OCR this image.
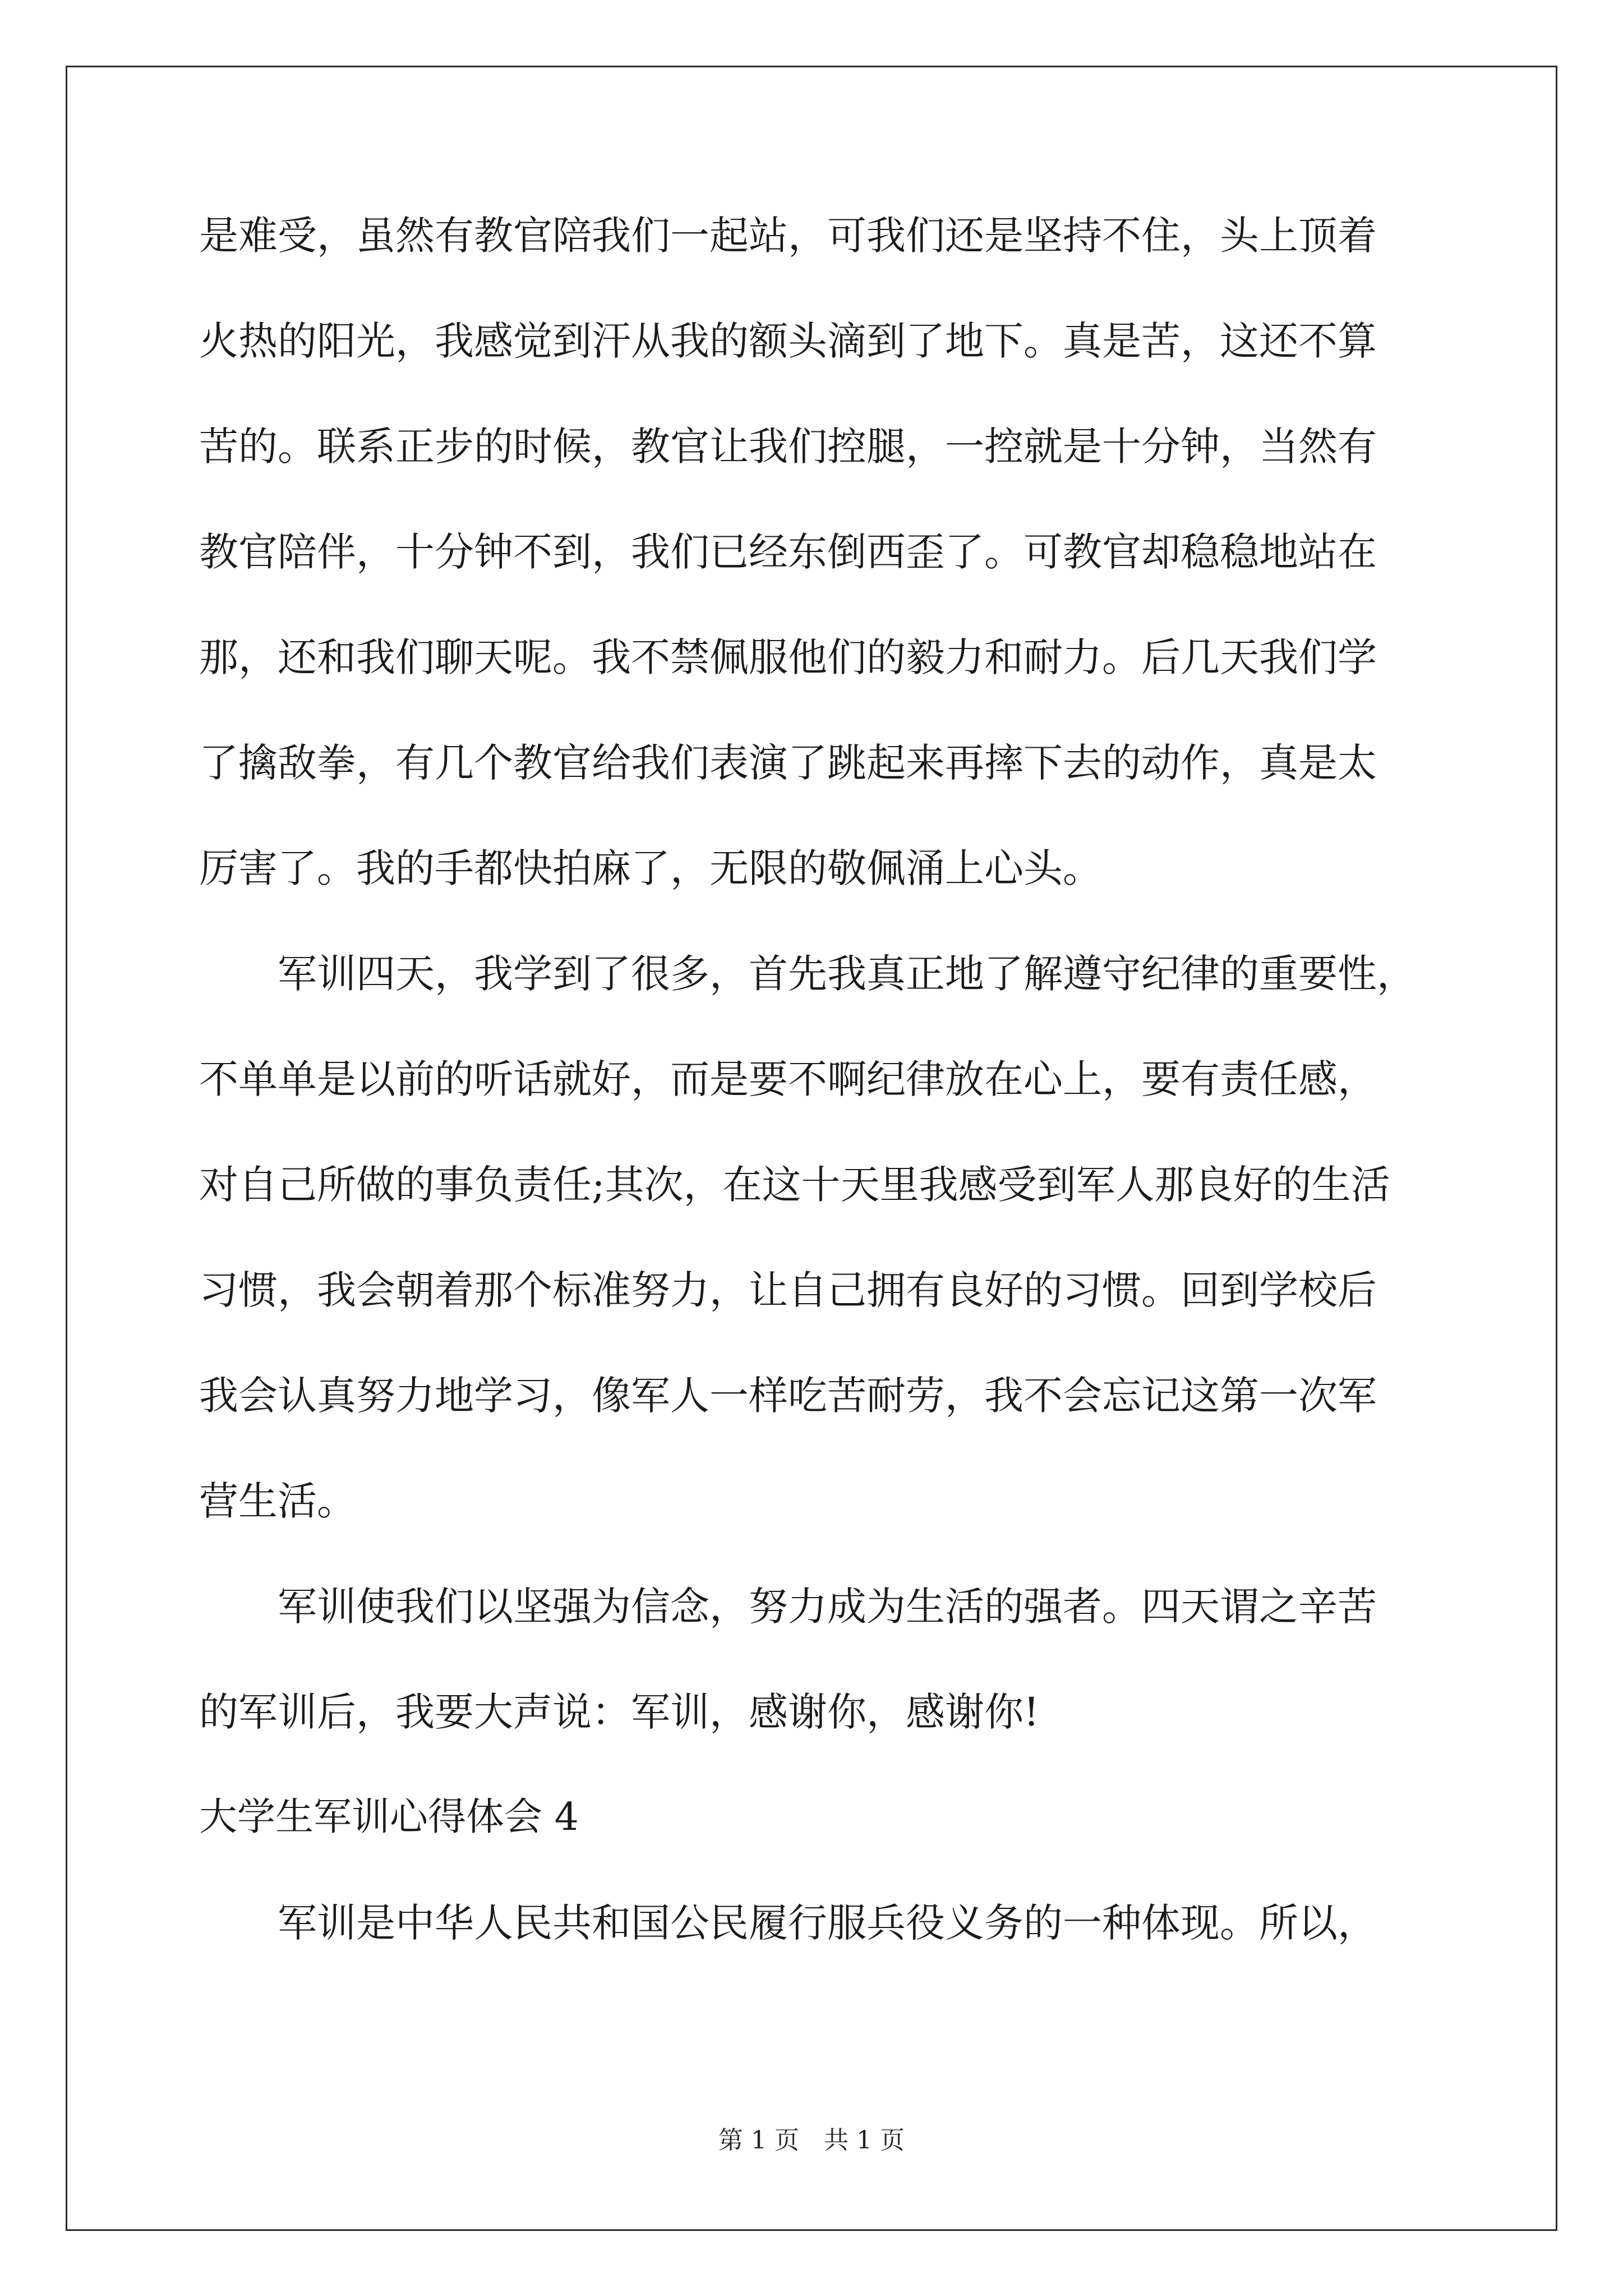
是难受，虽然有教官陪我们一起站，可我们还是坚持不住，头上顶着
火热的阳光，我感觉到汗从我的额头滴到了地下。真是苦，这还不算
苦的。联系正步的时候，教官让我们控腿，一控就是十分钟，当然有
教官陪伴，十分钟不到，我们已经东倒西歪了。可教官却稳稳地站在
那，还和我们聊天呢。我不禁佩服他们的毅力和耐力。后几天我们学
了擒敌拳，有几个教官给我们表演了跳起来再摔下去的动作，真是太
厉害了。我的手都快拍麻了，无限的敬佩涌上心头。
　　军训四天，我学到了很多，首先我真正地了解遵守纪律的重要性，
不单单是以前的听话就好，而是要不啊纪律放在心上，要有责任感，
对自己所做的事负责任;其次，在这十天里我感受到军人那良好的生活
习惯，我会朝着那个标准努力，让自己拥有良好的习惯。回到学校后
我会认真努力地学习，像军人一样吃苦耐劳，我不会忘记这第一次军
营生活。
　　军训使我们以坚强为信念，努力成为生活的强者。四天谓之辛苦
的军训后，我要大声说：军训，感谢你，感谢你!
大学生军训心得体会 4
　　军训是中华人民共和国公民履行服兵役义务的一种体现。所以，
第 1 页　共 1 页
